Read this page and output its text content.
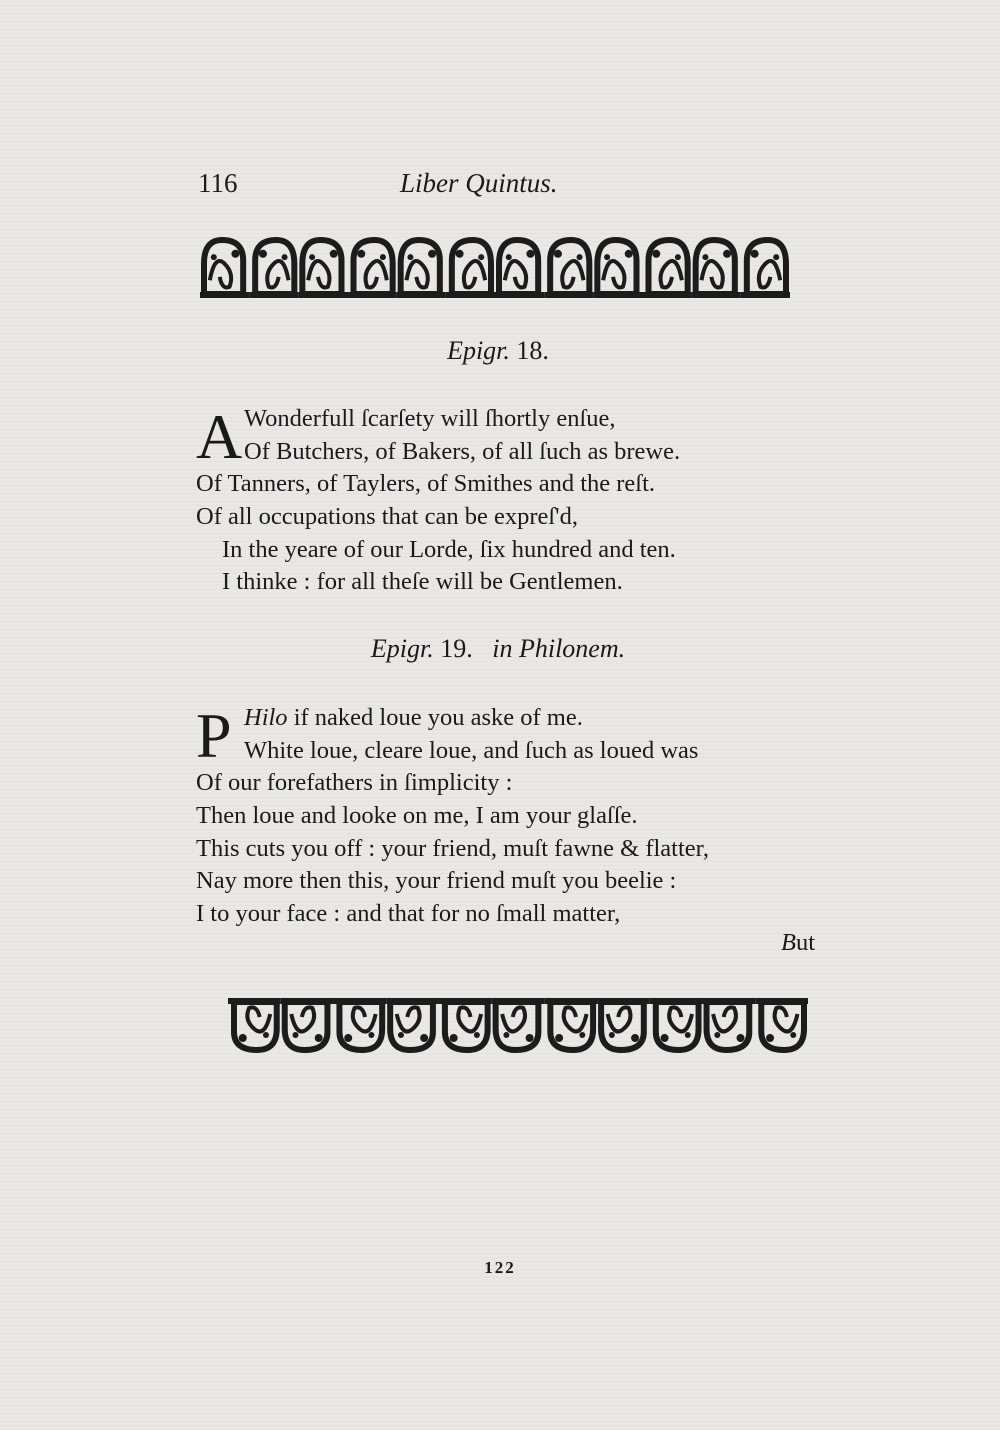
116	Liber Quintus.
Epigr. 18.
A Wonderfull ſcarſety will ſhortly enſue,
Of Butchers, of Bakers, of all ſuch as brewe.
Of Tanners, of Taylers, of Smithes and the reſt.
Of all occupations that can be expreſ'd,
In the yeare of our Lorde, ſix hundred and ten.
I thinke : for all theſe will be Gentlemen.
Epigr. 19. in Philonem.
P Hilo if naked loue you aske of me.
White loue, cleare loue, and ſuch as loued was
Of our forefathers in ſimplicity :
Then loue and looke on me, I am your glaſſe.
This cuts you off : your friend, muſt fawne & flatter,
Nay more then this, your friend muſt you beelie :
I to your face : and that for no ſmall matter,
But
122
